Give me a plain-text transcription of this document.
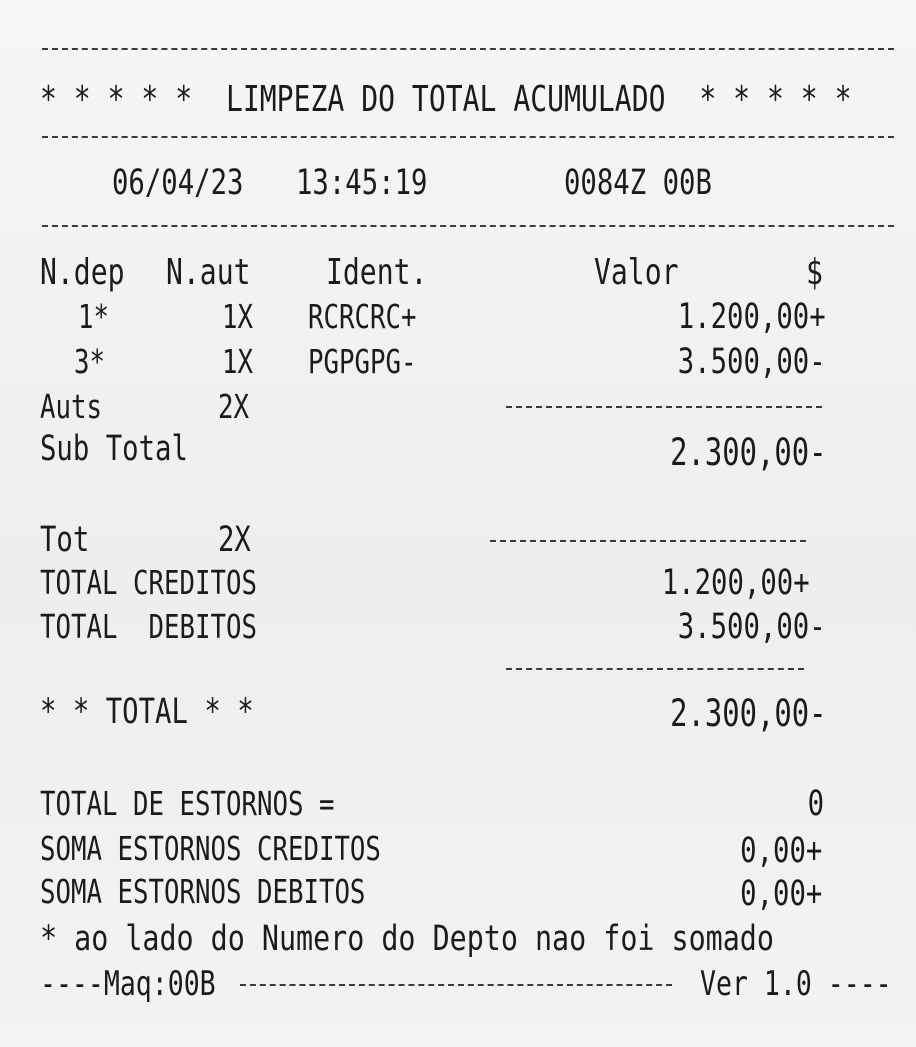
* * * * *  LIMPEZA DO TOTAL ACUMULADO  * * * * *
06/04/23 13:45:19	0084Z 00B
N.dep N.aut Ident.	Valor	$
1*	1X RCRCRC+	1.200,00+
3*	1X PGPGPG-	3.500,00-
Auts	2X
Sub Total	2.300,00-
Tot	2X
TOTAL CREDITOS	1.200,00+
TOTAL  DEBITOS	3.500,00-
* * TOTAL * *	2.300,00-
TOTAL DE ESTORNOS =	0
SOMA ESTORNOS CREDITOS	0,00+
SOMA ESTORNOS DEBITOS	0,00+
* ao lado do Numero do Depto nao foi somado
----Maq:00B	Ver 1.0 ----
